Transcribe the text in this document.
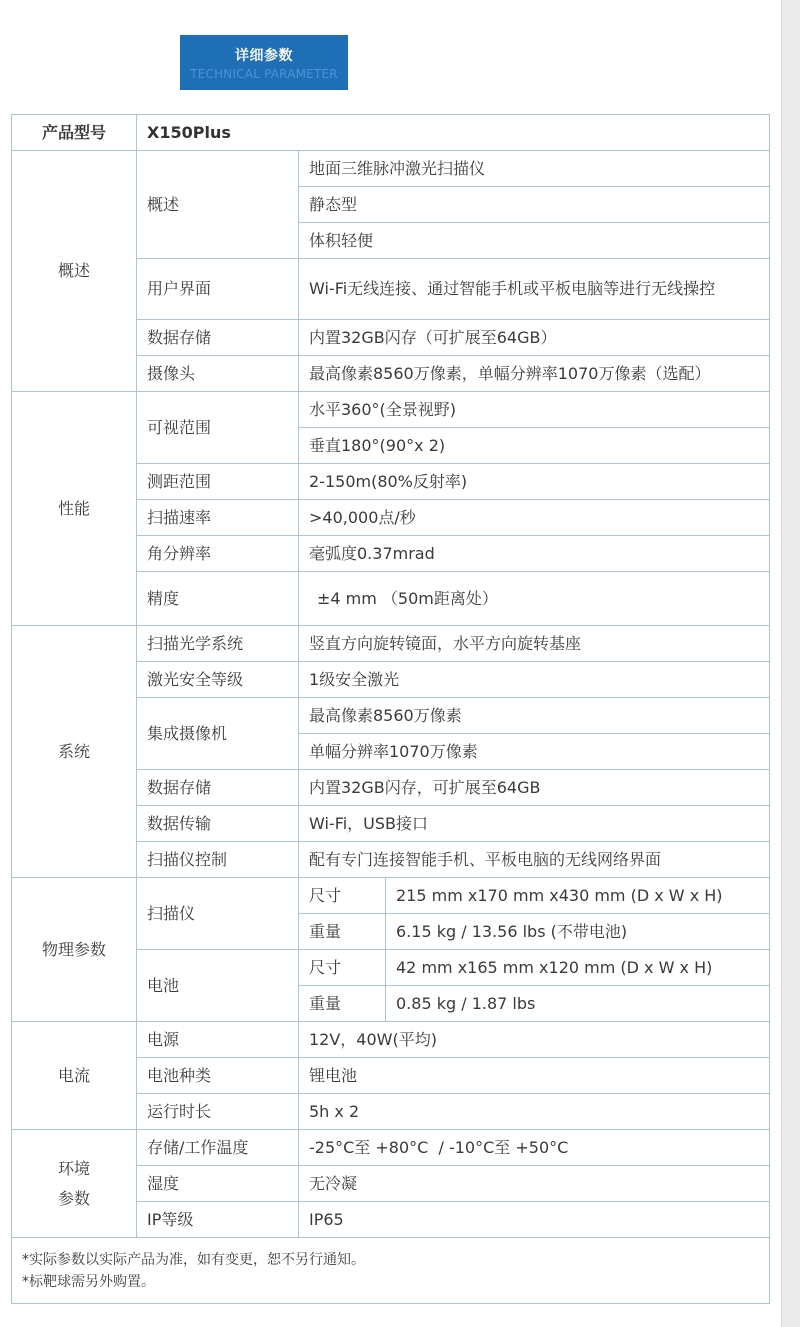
详细参数
TECHNICAL PARAMETER
产品型号	X150Plus		
概述	概述	地面三维脉冲激光扫描仪	
		静态型	
		体积轻便	
	用户界面	Wi-Fi无线连接、通过智能手机或平板电脑等进行无线操控	
	数据存储	内置32GB闪存（可扩展至64GB）	
	摄像头	最高像素8560万像素，单幅分辨率1070万像素（选配）	
性能	可视范围	水平360°(全景视野)	
		垂直180°(90°x 2)	
	测距范围	2-150m(80%反射率)	
	扫描速率	>40,000点/秒	
	角分辨率	毫弧度0.37mrad	
	精度	±4 mm （50m距离处）	
系统	扫描光学系统	竖直方向旋转镜面，水平方向旋转基座	
	激光安全等级	1级安全激光	
	集成摄像机	最高像素8560万像素	
		单幅分辨率1070万像素	
	数据存储	内置32GB闪存，可扩展至64GB	
	数据传输	Wi-Fi，USB接口	
	扫描仪控制	配有专门连接智能手机、平板电脑的无线网络界面	
物理参数	扫描仪	尺寸	215 mm x170 mm x430 mm (D x W x H)
		重量	6.15 kg / 13.56 lbs (不带电池)
	电池	尺寸	42 mm x165 mm x120 mm (D x W x H)
		重量	0.85 kg / 1.87 lbs
电流	电源	12V，40W(平均)	
	电池种类	锂电池	
	运行时长	5h x 2	
环境
参数	存储/工作温度	-25°C至 +80°C  / -10°C至 +50°C	
	湿度	无冷凝	
	IP等级	IP65	

*实际参数以实际产品为准，如有变更，恕不另行通知。
*标靶球需另外购置。			
